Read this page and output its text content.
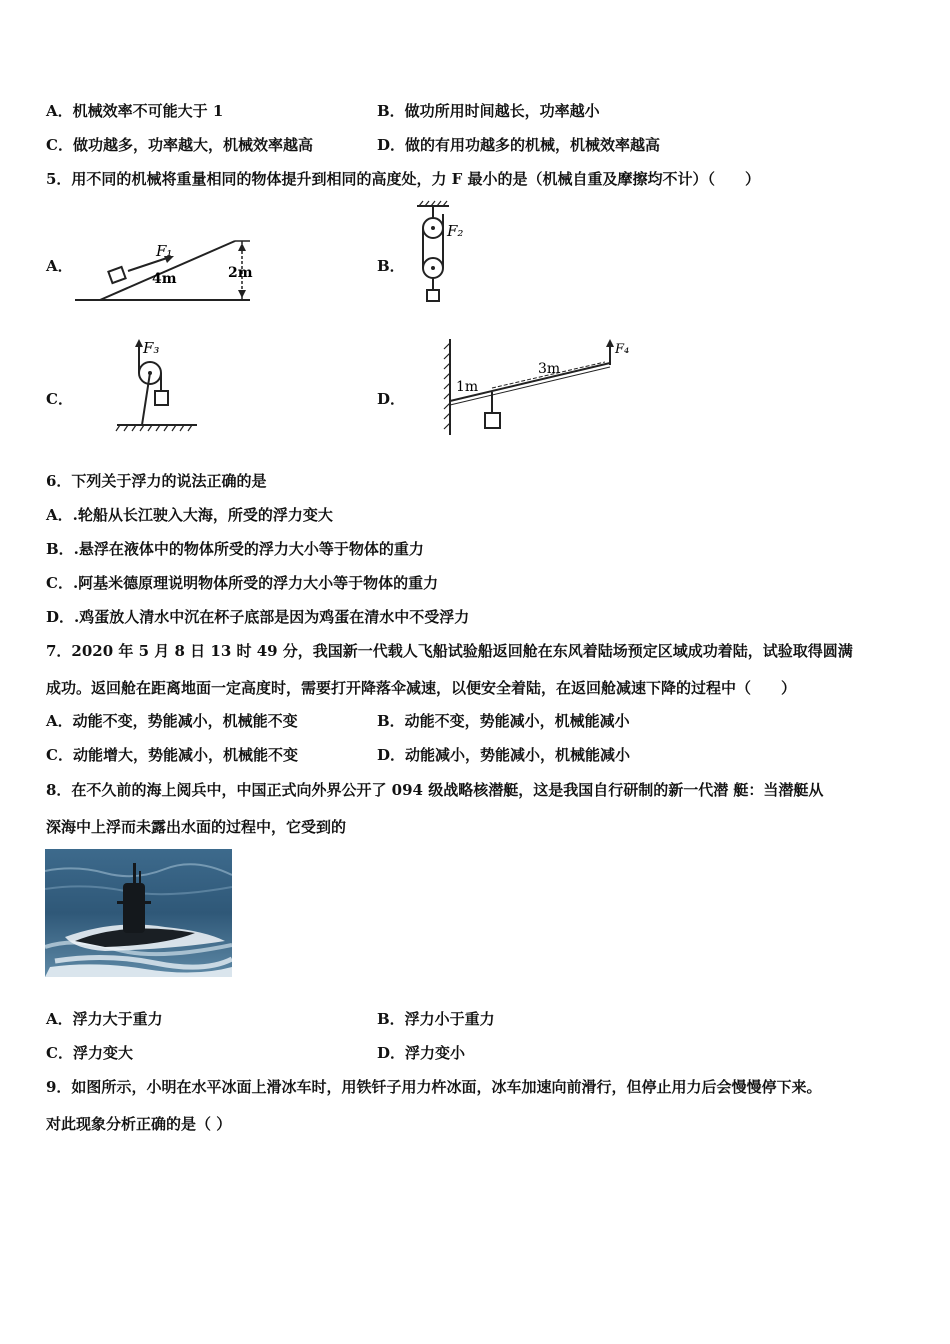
A．机械效率不可能大于 1	B．做功所用时间越长，功率越小
C．做功越多，功率越大，机械效率越高	D．做的有用功越多的机械，机械效率越高
5．用不同的机械将重量相同的物体提升到相同的高度处，力 F 最小的是（机械自重及摩擦均不计）（　　）
A．
F₁
4m	2m	B．
F₂
C．
F₃
D．
1m
3m
F₄
6．下列关于浮力的说法正确的是
A．.轮船从长江驶入大海，所受的浮力变大
B．.悬浮在液体中的物体所受的浮力大小等于物体的重力
C．.阿基米德原理说明物体所受的浮力大小等于物体的重力
D．.鸡蛋放人清水中沉在杯子底部是因为鸡蛋在清水中不受浮力
7．2020 年 5 月 8 日 13 时 49 分，我国新一代载人飞船试验船返回舱在东风着陆场预定区域成功着陆，试验取得圆满
成功。返回舱在距离地面一定高度时，需要打开降落伞减速，以便安全着陆，在返回舱减速下降的过程中（　　）
A．动能不变，势能减小，机械能不变	B．动能不变，势能减小，机械能减小
C．动能增大，势能减小，机械能不变	D．动能减小，势能减小，机械能减小
8．在不久前的海上阅兵中，中国正式向外界公开了 094 级战略核潜艇，这是我国自行研制的新一代潜 艇：当潜艇从
深海中上浮而未露出水面的过程中，它受到的
A．浮力大于重力	B．浮力小于重力
C．浮力变大	D．浮力变小
9．如图所示，小明在水平冰面上滑冰车时，用铁钎子用力杵冰面，冰车加速向前滑行，但停止用力后会慢慢停下来。
对此现象分析正确的是（ ）
